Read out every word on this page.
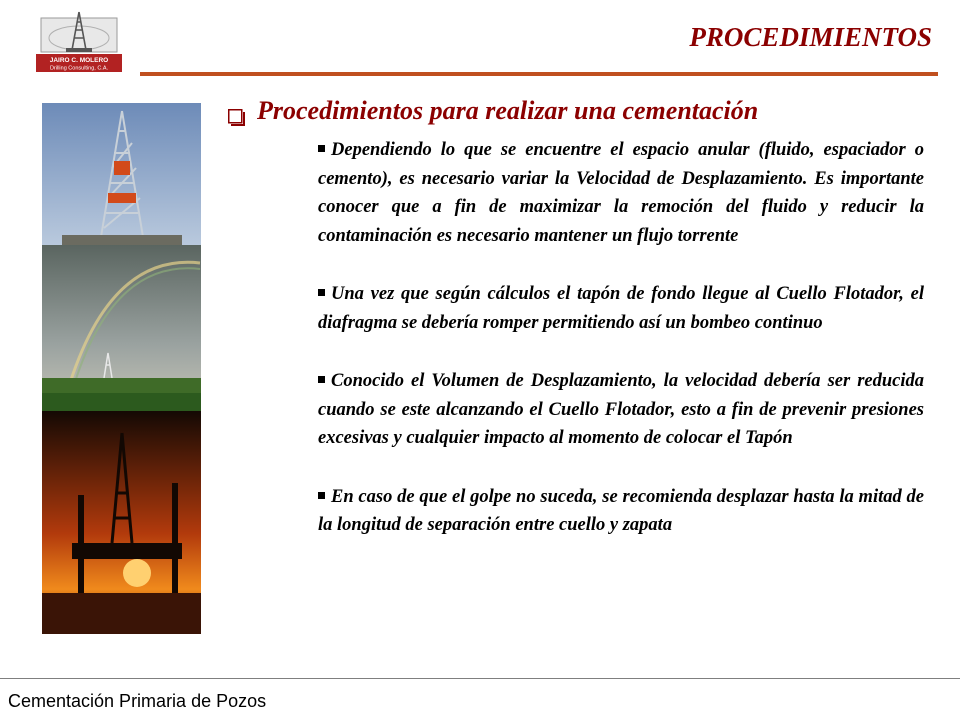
JAIRO C. MOLERO
Drilling Consulting, C.A.
PROCEDIMIENTOS
Procedimientos para realizar una cementación
Dependiendo lo que se encuentre el espacio anular (fluido, espaciador o cemento), es necesario variar la Velocidad de Desplazamiento. Es importante conocer que a fin de maximizar la remoción del fluido y reducir la contaminación es necesario mantener un flujo torrente
Una vez que según cálculos el tapón de fondo llegue al Cuello Flotador, el diafragma se debería romper permitiendo así un bombeo continuo
Conocido el Volumen de Desplazamiento, la velocidad debería ser reducida cuando se este alcanzando el Cuello Flotador, esto a fin de prevenir presiones excesivas y cualquier impacto al momento de colocar el Tapón
En caso de que el golpe no suceda, se recomienda desplazar hasta la mitad de la longitud de separación entre cuello y zapata

Cementación Primaria de Pozos
